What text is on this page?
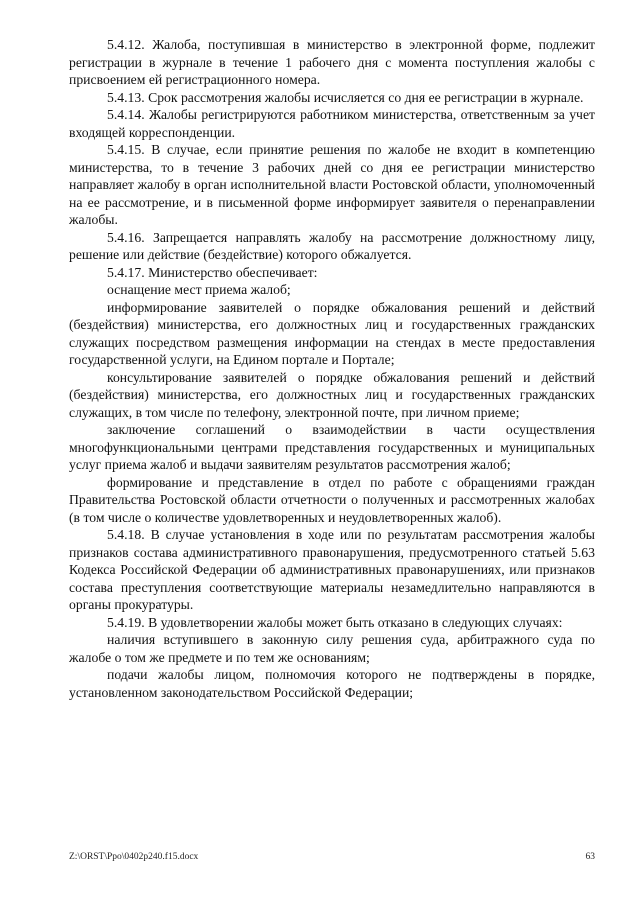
5.4.12. Жалоба, поступившая в министерство в электронной форме, подлежит регистрации в журнале в течение 1 рабочего дня с момента поступления жалобы с присвоением ей регистрационного номера.

5.4.13. Срок рассмотрения жалобы исчисляется со дня ее регистрации в журнале.

5.4.14. Жалобы регистрируются работником министерства, ответственным за учет входящей корреспонденции.

5.4.15. В случае, если принятие решения по жалобе не входит в компетенцию министерства, то в течение 3 рабочих дней со дня ее регистрации министерство направляет жалобу в орган исполнительной власти Ростовской области, уполномоченный на ее рассмотрение, и в письменной форме информирует заявителя о перенаправлении жалобы.

5.4.16. Запрещается направлять жалобу на рассмотрение должностному лицу, решение или действие (бездействие) которого обжалуется.

5.4.17. Министерство обеспечивает:

оснащение мест приема жалоб;

информирование заявителей о порядке обжалования решений и действий (бездействия) министерства, его должностных лиц и государственных гражданских служащих посредством размещения информации на стендах в месте предоставления государственной услуги, на Едином портале и Портале;

консультирование заявителей о порядке обжалования решений и действий (бездействия) министерства, его должностных лиц и государственных гражданских служащих, в том числе по телефону, электронной почте, при личном приеме;

заключение соглашений о взаимодействии в части осуществления многофункциональными центрами представления государственных и муниципальных услуг приема жалоб и выдачи заявителям результатов рассмотрения жалоб;

формирование и представление в отдел по работе с обращениями граждан Правительства Ростовской области отчетности о полученных и рассмотренных жалобах (в том числе о количестве удовлетворенных и неудовлетворенных жалоб).

5.4.18. В случае установления в ходе или по результатам рассмотрения жалобы признаков состава административного правонарушения, предусмотренного статьей 5.63 Кодекса Российской Федерации об административных правонарушениях, или признаков состава преступления соответствующие материалы незамедлительно направляются в органы прокуратуры.

5.4.19. В удовлетворении жалобы может быть отказано в следующих случаях:

наличия вступившего в законную силу решения суда, арбитражного суда по жалобе о том же предмете и по тем же основаниям;

подачи жалобы лицом, полномочия которого не подтверждены в порядке, установленном законодательством Российской Федерации;

Z:\ORST\Ppo\0402p240.f15.docx	63
